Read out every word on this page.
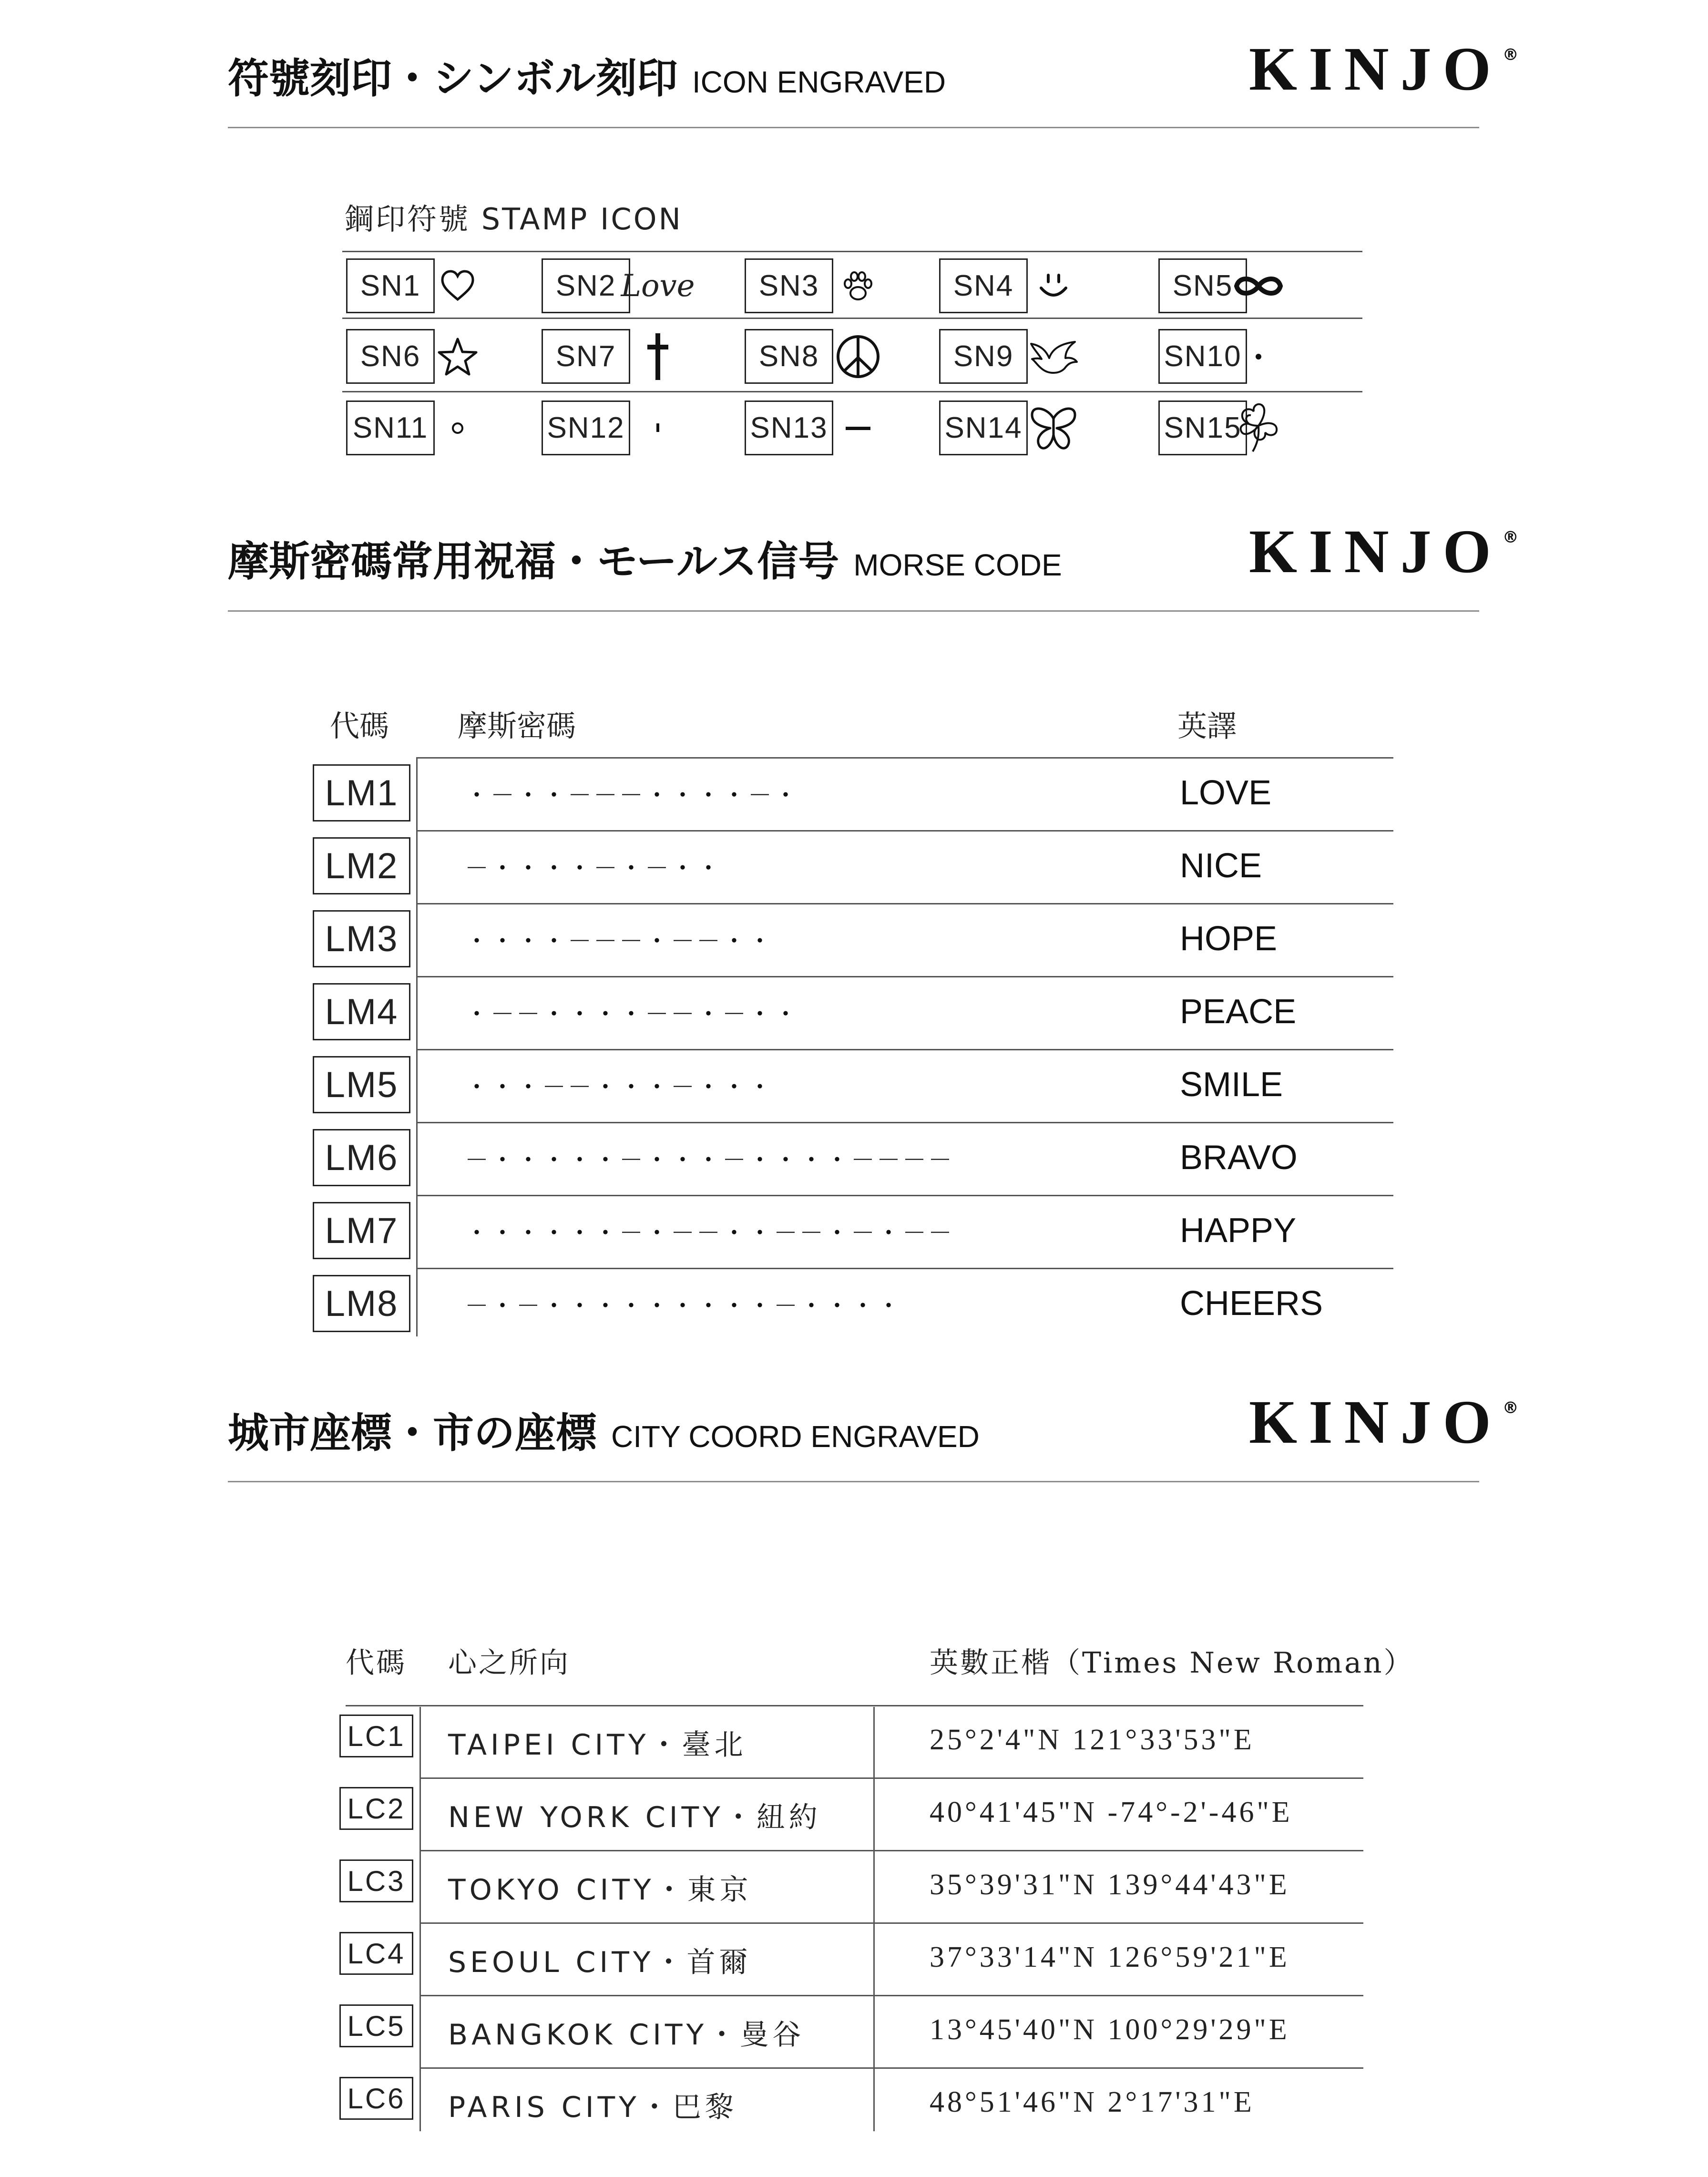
符號刻印・シンボル刻印 ICON ENGRAVED	KINJO®
鋼印符號 STAMP ICON
SN1	SN2 Love	SN3	SN4	SN5
SN6	SN7	SN8	SN9	SN10
SN11	SN12	SN13	SN14	SN15
摩斯密碼常用祝福・モールス信号 MORSE CODE	KINJO®
代碼 摩斯密碼	英譯
LM1	・－・・－－－・・・・－・	LOVE
LM2	－・・・・－・－・・	NICE
LM3	・・・・－－－・－－・・	HOPE
LM4	・－－・・・・－－・－・・	PEACE
LM5	・・・－－・・・－・・・	SMILE
LM6	－・・・・・－・・・－・・・・－－－－	BRAVO
LM7	・・・・・・－・－－・・－－・－・－－	HAPPY
LM8	－・－・・・・・・・・・－・・・・	CHEERS
城市座標・市の座標 CITY COORD ENGRAVED	KINJO®
代碼 心之所向	英數正楷（Times New Roman）
LC1 TAIPEI CITY・臺北	25°2'4"N 121°33'53"E
LC2 NEW YORK CITY・紐約	40°41'45"N -74°-2'-46"E
LC3 TOKYO CITY・東京	35°39'31"N 139°44'43"E
LC4 SEOUL CITY・首爾	37°33'14"N 126°59'21"E
LC5 BANGKOK CITY・曼谷	13°45'40"N 100°29'29"E
LC6 PARIS CITY・巴黎	48°51'46"N 2°17'31"E
